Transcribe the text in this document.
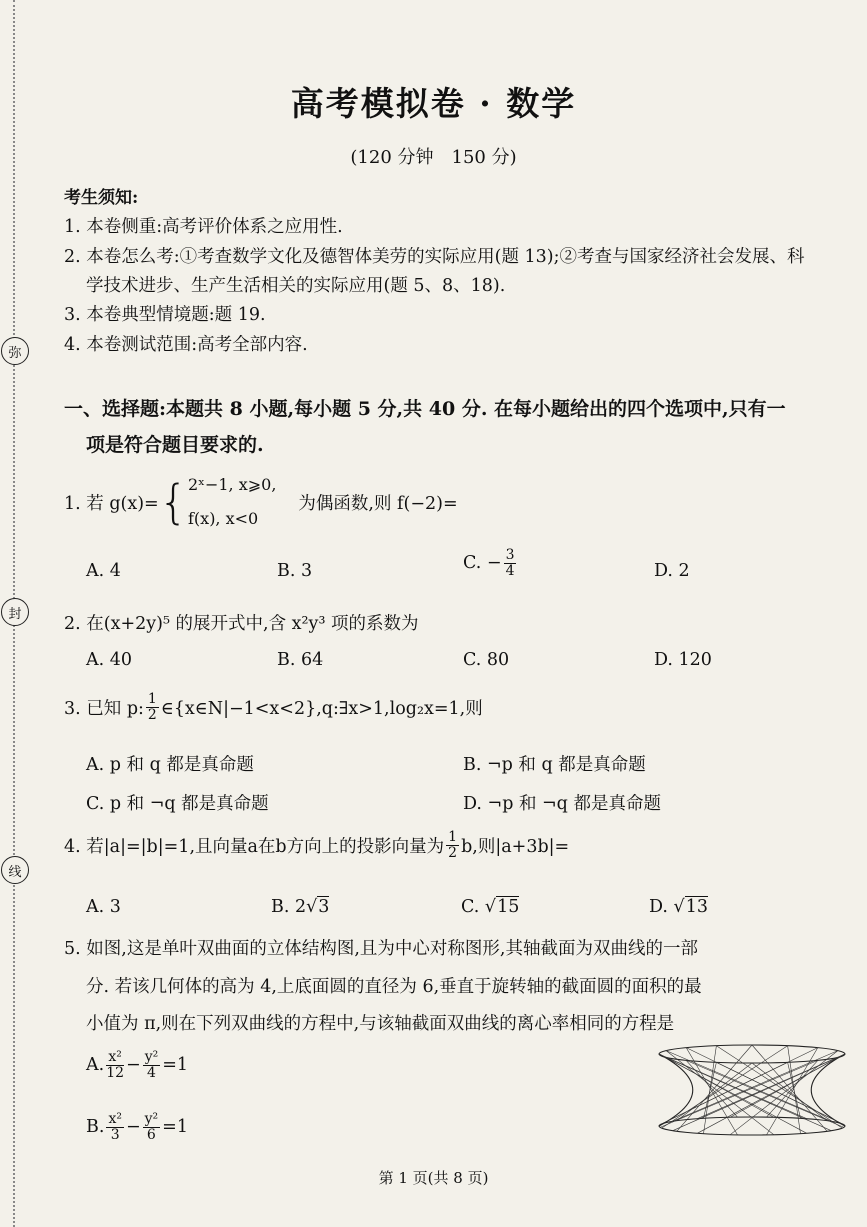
弥
封
线
高考模拟卷 · 数学
(120 分钟　150 分)
考生须知:
1. 本卷侧重:高考评价体系之应用性.
2. 本卷怎么考:①考查数学文化及德智体美劳的实际应用(题 13);②考查与国家经济社会发展、科
学技术进步、生产生活相关的实际应用(题 5、8、18).
3. 本卷典型情境题:题 19.
4. 本卷测试范围:高考全部内容.
一、选择题:本题共 8 小题,每小题 5 分,共 40 分. 在每小题给出的四个选项中,只有一
项是符合题目要求的.
1. 若 g(x)= { 2ˣ−1, x⩾0,
f(x), x<0
为偶函数,则 f(−2)=
A. 4	B. 3	C. − $\frac{3}{4}$	D. 2
2. 在(x+2y)⁵ 的展开式中,含 x²y³ 项的系数为
A. 40	B. 64	C. 80	D. 120
3. 已知 p: $\frac{1}{2}$ ∈{x∈N|−1<x<2},q:∃x>1,log₂x=1,则
A. p 和 q 都是真命题	B. ¬p 和 q 都是真命题
C. p 和 ¬q 都是真命题	D. ¬p 和 ¬q 都是真命题
4. 若|a|=|b|=1,且向量a在b方向上的投影向量为 $\frac{1}{2} b$,则|a+3b|=
A. 3	B. 2√3	C. √15	D. √13
5. 如图,这是单叶双曲面的立体结构图,且为中心对称图形,其轴截面为双曲线的一部
分. 若该几何体的高为 4,上底面圆的直径为 6,垂直于旋转轴的截面圆的面积的最
小值为 π,则在下列双曲线的方程中,与该轴截面双曲线的离心率相同的方程是
A. $\frac{\text{x²}}{12} - \frac{\text{y²}}{4} =1$
B. $\frac{\text{x²}}{3} - \frac{\text{y²}}{6} =1$
第 1 页(共 8 页)
